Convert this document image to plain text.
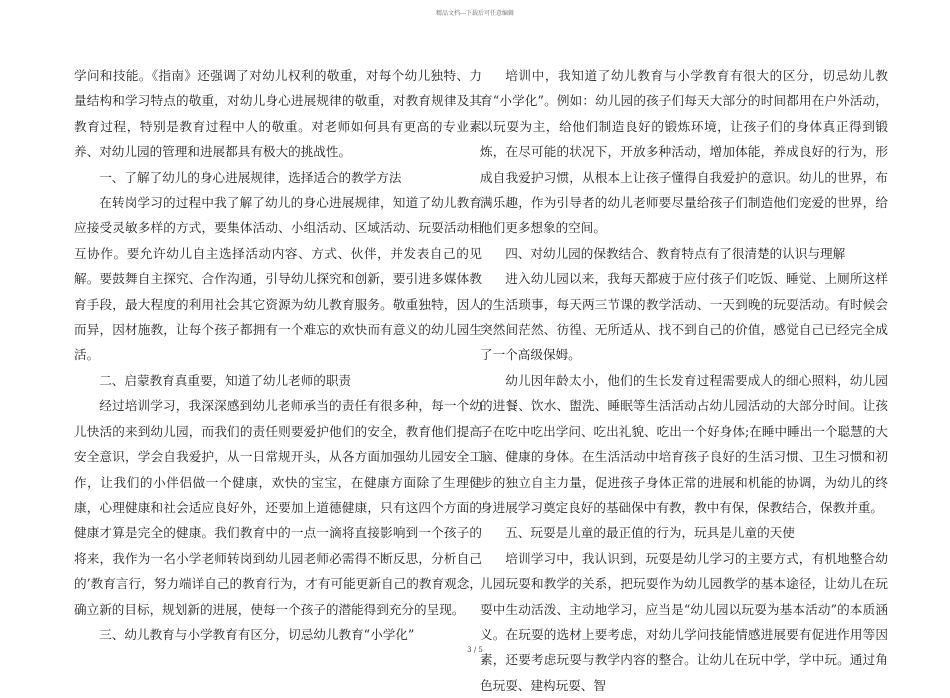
精品文档---下载后可任意编辑

学问和技能。《指南》还强调了对幼儿权利的敬重，对每个幼儿独特、力量结构和学习特点的敬重，对幼儿身心进展规律的敬重，对教育规律及其教育过程，特别是教育过程中人的敬重。对老师如何具有更高的专业素养、对幼儿园的管理和进展都具有极大的挑战性。

一、了解了幼儿的身心进展规律，选择适合的教学方法

在转岗学习的过程中我了解了幼儿的身心进展规律，知道了幼儿教育应接受灵敏多样的方式，要集体活动、小组活动、区域活动、玩耍活动相互协作。要允许幼儿自主选择活动内容、方式、伙伴，并发表自己的见解。要鼓舞自主探究、合作沟通，引导幼儿探究和创新，要引进多媒体教育手段，最大程度的利用社会其它资源为幼儿教育服务。敬重独特，因人而异，因材施教，让每个孩子都拥有一个难忘的欢快而有意义的幼儿园生活。

二、启蒙教育真重要，知道了幼儿老师的职责

经过培训学习，我深深感到幼儿老师承当的责任有很多种，每一个幼儿快活的来到幼儿园，而我们的责任则要爱护他们的安全，教育他们提高安全意识，学会自我爱护，从一日常规开头，从各方面加强幼儿园安全工作，让我们的小伴侣做一个健康，欢快的宝宝，在健康方面除了生理健康，心理健康和社会适应良好外，还要加上道德健康，只有这四个方面的健康才算是完全的健康。我们教育中的一点一滴将直接影响到一个孩子的将来，我作为一名小学老师转岗到幼儿园老师必需得不断反思，分析自己的’教育言行，努力端详自己的教育行为，才有可能更新自己的教育观念，确立新的目标，规划新的进展，使每一个孩子的潜能得到充分的呈现。

三、幼儿教育与小学教育有区分，切忌幼儿教育“小学化”

培训中，我知道了幼儿教育与小学教育有很大的区分，切忌幼儿教育“小学化”。例如：幼儿园的孩子们每天大部分的时间都用在户外活动，以玩耍为主，给他们制造良好的锻炼环境，让孩子们的身体真正得到锻炼，在尽可能的状况下，开放多种活动，增加体能，养成良好的行为，形成自我爱护习惯，从根本上让孩子懂得自我爱护的意识。幼儿的世界，布满乐趣，作为引导者的幼儿老师要尽量给孩子们制造他们宠爱的世界，给他们更多想象的空间。

四、对幼儿园的保教结合、教育特点有了很清楚的认识与理解

进入幼儿园以来，我每天都疲于应付孩子们吃饭、睡觉、上厕所这样的生活琐事，每天两三节课的教学活动、一天到晚的玩耍活动。有时候会突然间茫然、彷徨、无所适从、找不到自己的价值，感觉自己已经完全成了一个高级保姆。

幼儿因年龄太小，他们的生长发育过程需要成人的细心照料，幼儿园的进餐、饮水、盥洗、睡眠等生活活动占幼儿园活动的大部分时间。让孩子在吃中吃出学问、吃出礼貌、吃出一个好身体;在睡中睡出一个聪慧的大脑、健康的身体。在生活活动中培育孩子良好的生活习惯、卫生习惯和初步的独立自主力量，促进孩子身体正常的进展和机能的协调，为幼儿的终身进展学习奠定良好的基础保中有教，教中有保，保教结合，保教并重。

五、玩耍是儿童的最正值的行为，玩具是儿童的天使

培训学习中，我认识到，玩耍是幼儿学习的主要方式，有机地整合幼儿园玩耍和教学的关系，把玩耍作为幼儿园教学的基本途径，让幼儿在玩耍中生动活泼、主动地学习，应当是“幼儿园以玩耍为基本活动”的本质涵义。在玩耍的选材上要考虑，对幼儿学问技能情感进展要有促进作用等因素，还要考虑玩耍与教学内容的整合。让幼儿在玩中学，学中玩。通过角色玩耍、建构玩耍、智

3 / 5
